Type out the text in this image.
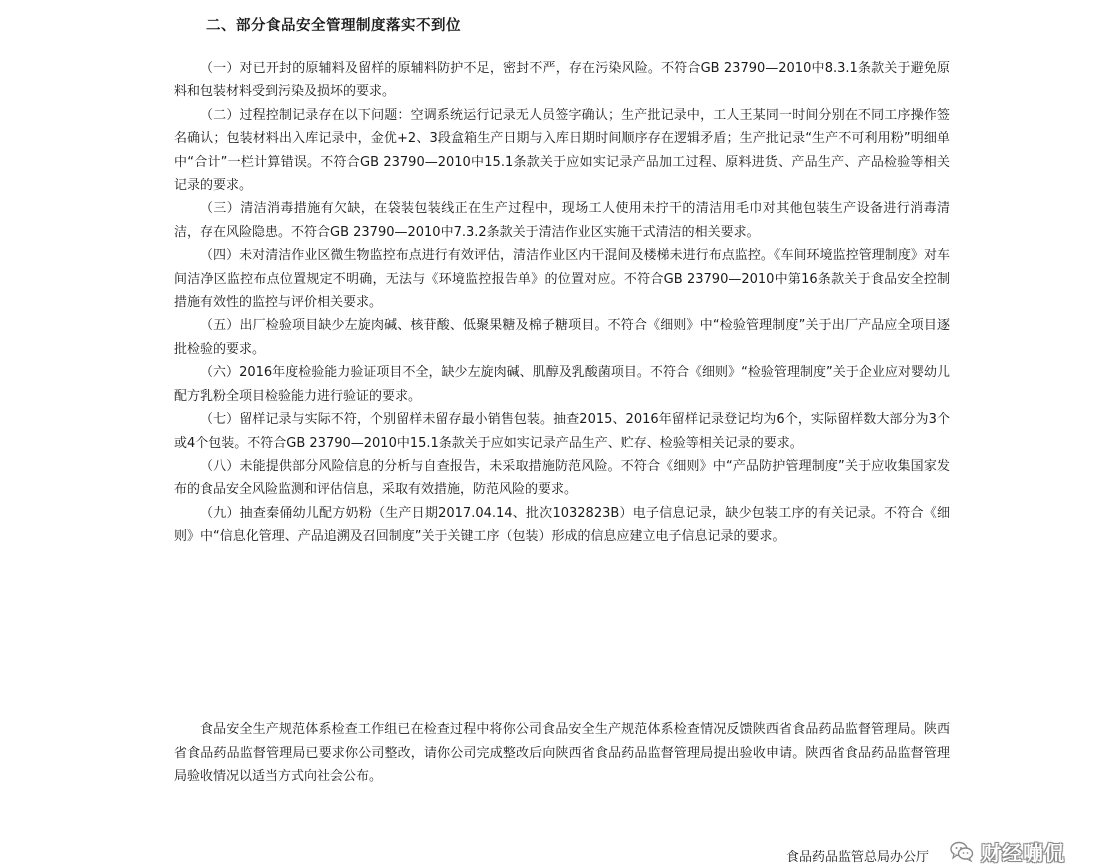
二、部分食品安全管理制度落实不到位

（一）对已开封的原辅料及留样的原辅料防护不足，密封不严，存在污染风险。不符合GB 23790—2010中8.3.1条款关于避免原料和包装材料受到污染及损坏的要求。

（二）过程控制记录存在以下问题：空调系统运行记录无人员签字确认；生产批记录中，工人王某同一时间分别在不同工序操作签名确认；包装材料出入库记录中，金优+2、3段盒箱生产日期与入库日期时间顺序存在逻辑矛盾；生产批记录“生产不可利用粉”明细单中“合计”一栏计算错误。不符合GB 23790—2010中15.1条款关于应如实记录产品加工过程、原料进货、产品生产、产品检验等相关记录的要求。

（三）清洁消毒措施有欠缺，在袋装包装线正在生产过程中，现场工人使用未拧干的清洁用毛巾对其他包装生产设备进行消毒清洁，存在风险隐患。不符合GB 23790—2010中7.3.2条款关于清洁作业区实施干式清洁的相关要求。

（四）未对清洁作业区微生物监控布点进行有效评估，清洁作业区内干混间及楼梯未进行布点监控。《车间环境监控管理制度》对车间洁净区监控布点位置规定不明确，无法与《环境监控报告单》的位置对应。不符合GB 23790—2010中第16条款关于食品安全控制措施有效性的监控与评价相关要求。

（五）出厂检验项目缺少左旋肉碱、核苷酸、低聚果糖及棉子糖项目。不符合《细则》中“检验管理制度”关于出厂产品应全项目逐批检验的要求。

（六）2016年度检验能力验证项目不全，缺少左旋肉碱、肌醇及乳酸菌项目。不符合《细则》“检验管理制度”关于企业应对婴幼儿配方乳粉全项目检验能力进行验证的要求。

（七）留样记录与实际不符，个别留样未留存最小销售包装。抽查2015、2016年留样记录登记均为6个，实际留样数大部分为3个或4个包装。不符合GB 23790—2010中15.1条款关于应如实记录产品生产、贮存、检验等相关记录的要求。

（八）未能提供部分风险信息的分析与自查报告，未采取措施防范风险。不符合《细则》中“产品防护管理制度”关于应收集国家发布的食品安全风险监测和评估信息，采取有效措施，防范风险的要求。

（九）抽查秦俑幼儿配方奶粉（生产日期2017.04.14、批次1032823B）电子信息记录，缺少包装工序的有关记录。不符合《细则》中“信息化管理、产品追溯及召回制度”关于关键工序（包装）形成的信息应建立电子信息记录的要求。

食品安全生产规范体系检查工作组已在检查过程中将你公司食品安全生产规范体系检查情况反馈陕西省食品药品监督管理局。陕西省食品药品监督管理局已要求你公司整改，请你公司完成整改后向陕西省食品药品监督管理局提出验收申请。陕西省食品药品监督管理局验收情况以适当方式向社会公布。

食品药品监管总局办公厅	财经嘣侃
